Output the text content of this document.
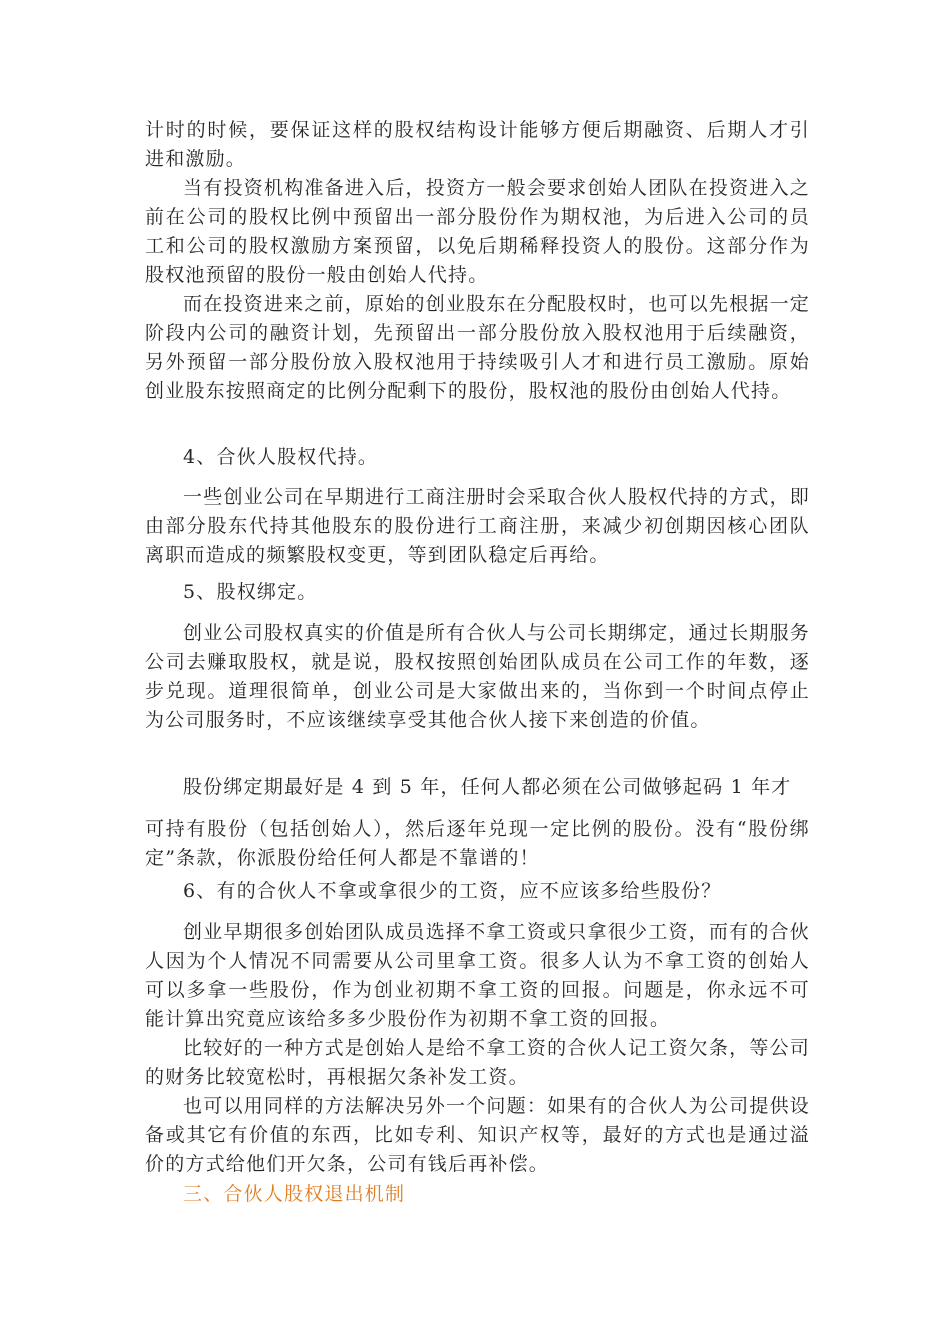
计时的时候，要保证这样的股权结构设计能够方便后期融资、后期人才引进和激励。

当有投资机构准备进入后，投资方一般会要求创始人团队在投资进入之前在公司的股权比例中预留出一部分股份作为期权池，为后进入公司的员工和公司的股权激励方案预留，以免后期稀释投资人的股份。这部分作为股权池预留的股份一般由创始人代持。

而在投资进来之前，原始的创业股东在分配股权时，也可以先根据一定阶段内公司的融资计划，先预留出一部分股份放入股权池用于后续融资，另外预留一部分股份放入股权池用于持续吸引人才和进行员工激励。原始创业股东按照商定的比例分配剩下的股份，股权池的股份由创始人代持。

4、合伙人股权代持。

一些创业公司在早期进行工商注册时会采取合伙人股权代持的方式，即由部分股东代持其他股东的股份进行工商注册，来减少初创期因核心团队离职而造成的频繁股权变更，等到团队稳定后再给。

5、股权绑定。

创业公司股权真实的价值是所有合伙人与公司长期绑定，通过长期服务公司去赚取股权，就是说，股权按照创始团队成员在公司工作的年数，逐步兑现。道理很简单，创业公司是大家做出来的，当你到一个时间点停止为公司服务时，不应该继续享受其他合伙人接下来创造的价值。

股份绑定期最好是 4 到 5 年，任何人都必须在公司做够起码 1 年才

可持有股份（包括创始人），然后逐年兑现一定比例的股份。没有“股份绑定”条款，你派股份给任何人都是不靠谱的！

6、有的合伙人不拿或拿很少的工资，应不应该多给些股份？

创业早期很多创始团队成员选择不拿工资或只拿很少工资，而有的合伙人因为个人情况不同需要从公司里拿工资。很多人认为不拿工资的创始人可以多拿一些股份，作为创业初期不拿工资的回报。问题是，你永远不可能计算出究竟应该给多多少股份作为初期不拿工资的回报。

比较好的一种方式是创始人是给不拿工资的合伙人记工资欠条，等公司的财务比较宽松时，再根据欠条补发工资。

也可以用同样的方法解决另外一个问题：如果有的合伙人为公司提供设备或其它有价值的东西，比如专利、知识产权等，最好的方式也是通过溢价的方式给他们开欠条，公司有钱后再补偿。

三、合伙人股权退出机制
